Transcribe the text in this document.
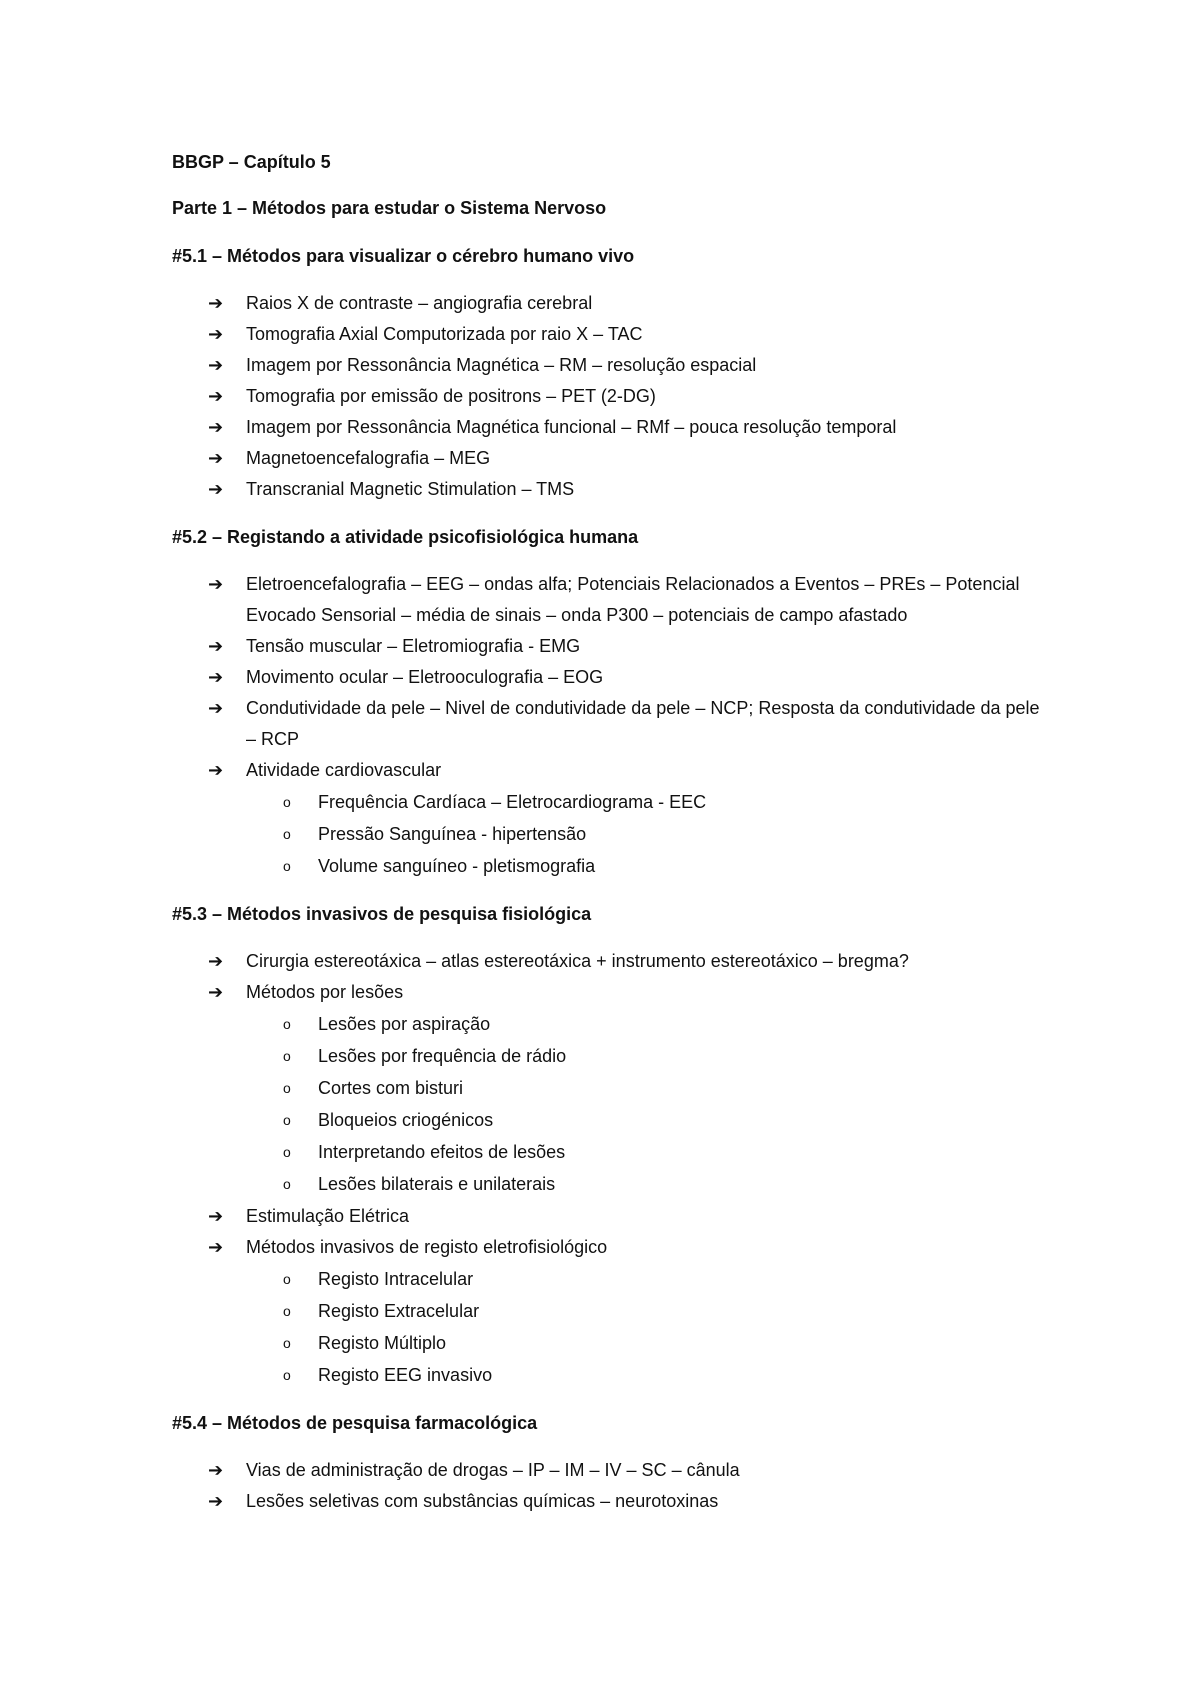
BBGP – Capítulo 5
Parte 1 – Métodos para estudar o Sistema Nervoso
#5.1 – Métodos para visualizar o cérebro humano vivo
➔	Raios X de contraste – angiografia cerebral
➔	Tomografia Axial Computorizada por raio X – TAC
➔	Imagem por Ressonância Magnética – RM – resolução espacial
➔	Tomografia por emissão de positrons – PET (2-DG)
➔	Imagem por Ressonância Magnética funcional – RMf – pouca resolução temporal
➔	Magnetoencefalografia – MEG
➔	Transcranial Magnetic Stimulation – TMS
#5.2 – Registando a atividade psicofisiológica humana
➔	Eletroencefalografia – EEG – ondas alfa; Potenciais Relacionados a Eventos – PREs – Potencial Evocado Sensorial – média de sinais – onda P300 – potenciais de campo afastado
➔	Tensão muscular – Eletromiografia - EMG
➔	Movimento ocular – Eletrooculografia – EOG
➔	Condutividade da pele – Nivel de condutividade da pele – NCP; Resposta da condutividade da pele – RCP
➔	Atividade cardiovascular
o Frequência Cardíaca – Eletrocardiograma - EEC
o Pressão Sanguínea - hipertensão
o Volume sanguíneo - pletismografia
#5.3 – Métodos invasivos de pesquisa fisiológica
➔	Cirurgia estereotáxica – atlas estereotáxica + instrumento estereotáxico – bregma?
➔	Métodos por lesões
o Lesões por aspiração
o Lesões por frequência de rádio
o Cortes com bisturi
o Bloqueios criogénicos
o Interpretando efeitos de lesões
o Lesões bilaterais e unilaterais
➔	Estimulação Elétrica
➔	Métodos invasivos de registo eletrofisiológico
o Registo Intracelular
o Registo Extracelular
o Registo Múltiplo
o Registo EEG invasivo
#5.4 – Métodos de pesquisa farmacológica
➔	Vias de administração de drogas – IP – IM – IV – SC – cânula
➔	Lesões seletivas com substâncias químicas – neurotoxinas
